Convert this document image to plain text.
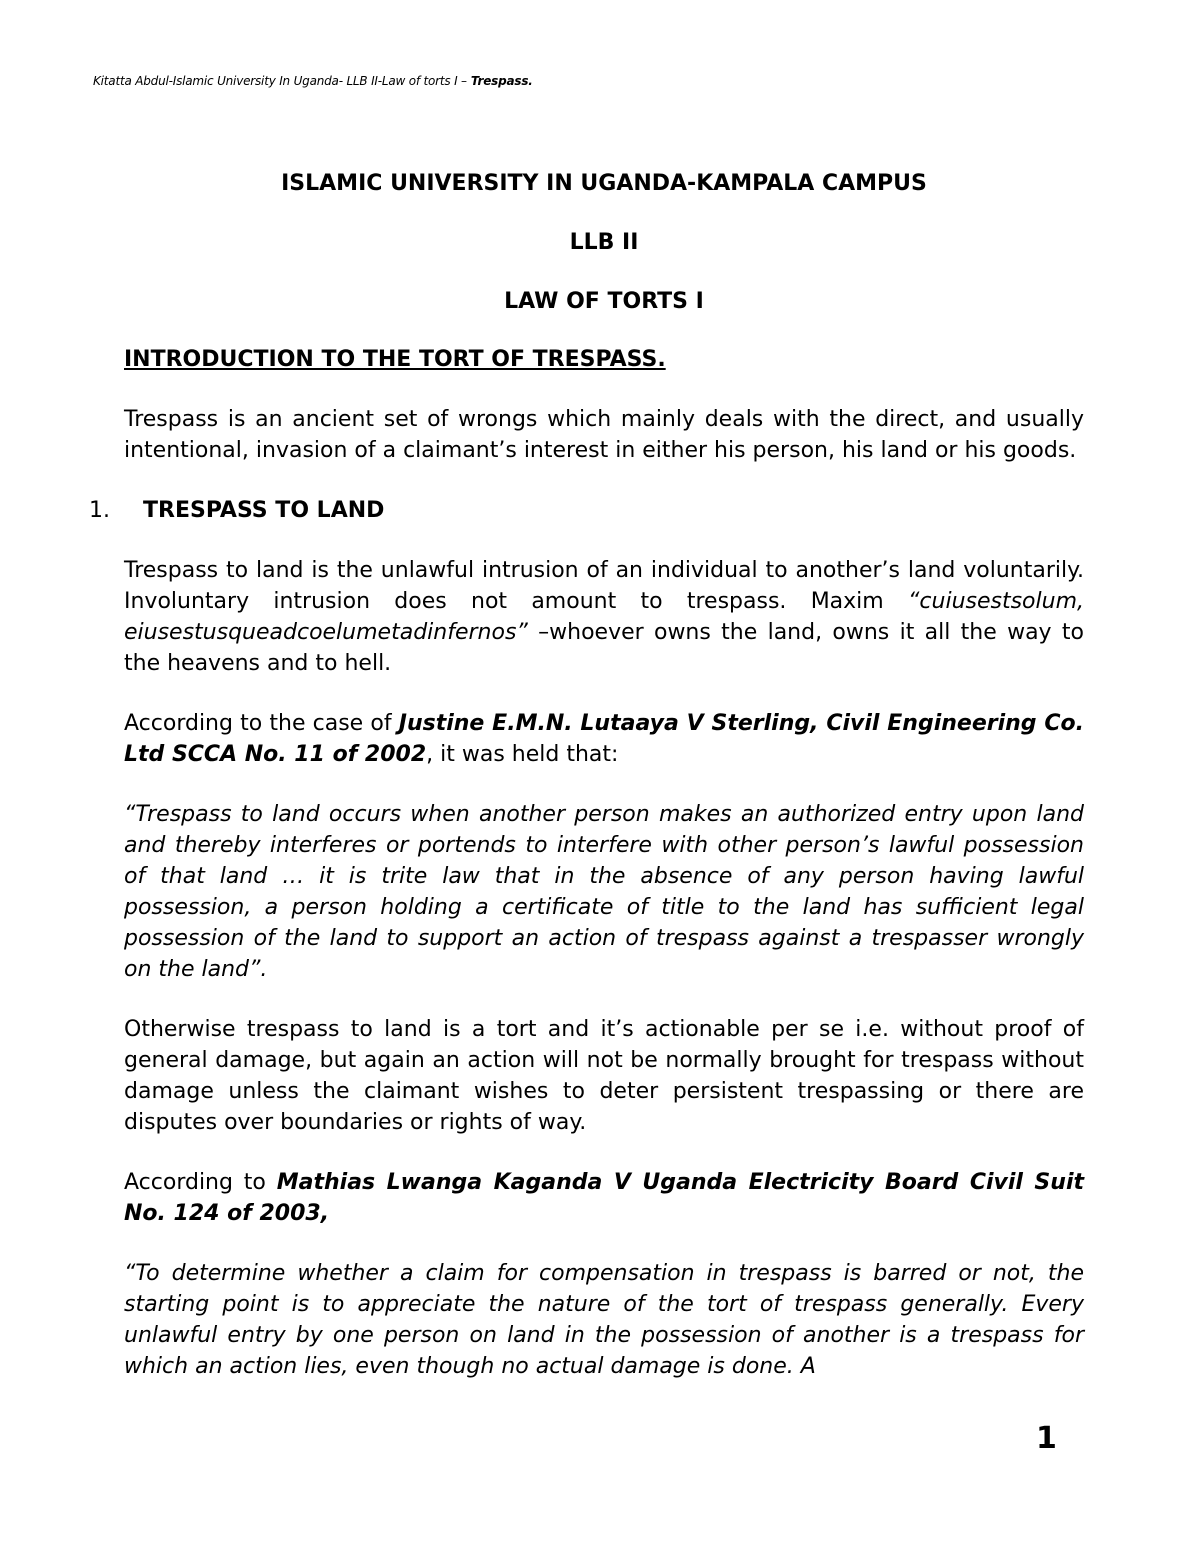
Kitatta Abdul-Islamic University In Uganda- LLB II-Law of torts I – Trespass.

ISLAMIC UNIVERSITY IN UGANDA-KAMPALA CAMPUS

LLB II

LAW OF TORTS I

INTRODUCTION TO THE TORT OF TRESPASS.

Trespass is an ancient set of wrongs which mainly deals with the direct, and usually intentional, invasion of a claimant’s interest in either his person, his land or his goods.

1. TRESPASS TO LAND

Trespass to land is the unlawful intrusion of an individual to another’s land voluntarily. Involuntary intrusion does not amount to trespass. Maxim “cuiusestsolum, eiusestusqueadcoelumetadinfernos” –whoever owns the land, owns it all the way to the heavens and to hell.

According to the case of Justine E.M.N. Lutaaya V Sterling, Civil Engineering Co. Ltd SCCA No. 11 of 2002, it was held that:

“Trespass to land occurs when another person makes an authorized entry upon land and thereby interferes or portends to interfere with other person’s lawful possession of that land … it is trite law that in the absence of any person having lawful possession, a person holding a certificate of title to the land has sufficient legal possession of the land to support an action of trespass against a trespasser wrongly on the land”.

Otherwise trespass to land is a tort and it’s actionable per se i.e. without proof of general damage, but again an action will not be normally brought for trespass without damage unless the claimant wishes to deter persistent trespassing or there are disputes over boundaries or rights of way.

According to Mathias Lwanga Kaganda V Uganda Electricity Board Civil Suit No. 124 of 2003,

“To determine whether a claim for compensation in trespass is barred or not, the starting point is to appreciate the nature of the tort of trespass generally. Every unlawful entry by one person on land in the possession of another is a trespass for which an action lies, even though no actual damage is done. A

1
